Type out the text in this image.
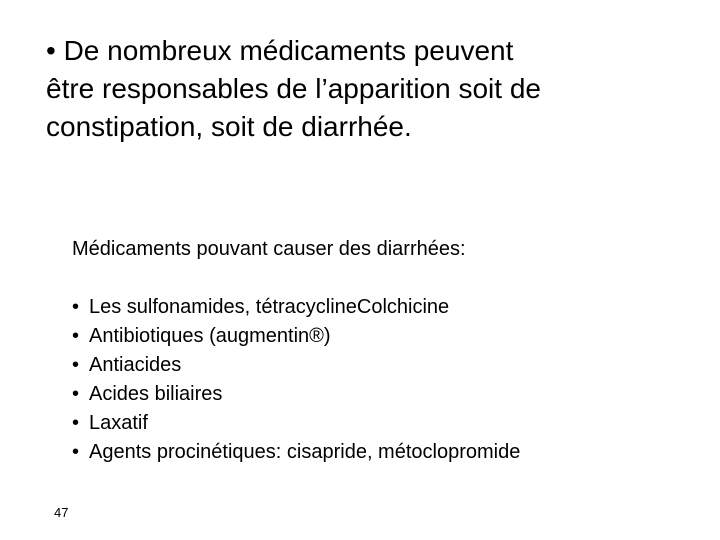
• De nombreux médicaments peuvent
être responsables de l’apparition soit de
constipation, soit de diarrhée.
Médicaments pouvant causer des diarrhées:
• Les sulfonamides, tétracyclineColchicine
• Antibiotiques (augmentin®)
• Antiacides
• Acides biliaires
• Laxatif
• Agents procinétiques: cisapride, métoclopromide
47
